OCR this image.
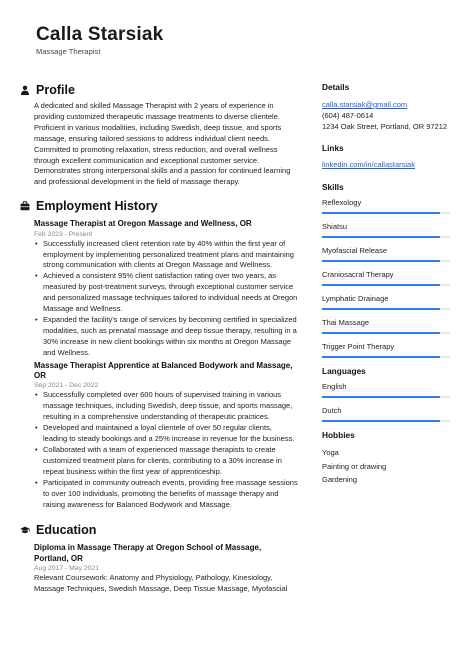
Calla Starsiak
Massage Therapist
Profile
A dedicated and skilled Massage Therapist with 2 years of experience in providing customized therapeutic massage treatments to diverse clientele. Proficient in various modalities, including Swedish, deep tissue, and sports massage, ensuring tailored sessions to address individual client needs. Committed to promoting relaxation, stress reduction, and overall wellness through excellent communication and exceptional customer service. Demonstrates strong interpersonal skills and a passion for continued learning and professional development in the field of massage therapy.
Employment History
Massage Therapist at Oregon Massage and Wellness, OR
Feb 2023 - Present
• Successfully increased client retention rate by 40% within the first year of employment by implementing personalized treatment plans and maintaining strong communication with clients at Oregon Massage and Wellness.
• Achieved a consistent 95% client satisfaction rating over two years, as measured by post-treatment surveys, through exceptional customer service and personalized massage techniques tailored to individual needs at Oregon Massage and Wellness.
• Expanded the facility's range of services by becoming certified in specialized modalities, such as prenatal massage and deep tissue therapy, resulting in a 30% increase in new client bookings within six months at Oregon Massage and Wellness.
Massage Therapist Apprentice at Balanced Bodywork and Massage, OR
Sep 2021 - Dec 2022
• Successfully completed over 600 hours of supervised training in various massage techniques, including Swedish, deep tissue, and sports massage, resulting in a comprehensive understanding of therapeutic practices.
• Developed and maintained a loyal clientele of over 50 regular clients, leading to steady bookings and a 25% increase in revenue for the business.
• Collaborated with a team of experienced massage therapists to create customized treatment plans for clients, contributing to a 30% increase in repeat business within the first year of apprenticeship.
• Participated in community outreach events, providing free massage sessions to over 100 individuals, promoting the benefits of massage therapy and raising awareness for Balanced Bodywork and Massage.
Education
Diploma in Massage Therapy at Oregon School of Massage, Portland, OR
Aug 2017 - May 2021
Relevant Coursework: Anatomy and Physiology, Pathology, Kinesiology, Massage Techniques, Swedish Massage, Deep Tissue Massage, Myofascial
Details
calla.starsiak@gmail.com
(604) 487-0614
1234 Oak Street, Portland, OR 97212
Links
linkedin.com/in/callastarsiak
Skills
Reflexology
Shiatsu
Myofascial Release
Craniosacral Therapy
Lymphatic Drainage
Thai Massage
Trigger Point Therapy
Languages
English
Dutch
Hobbies
Yoga
Painting or drawing
Gardening
